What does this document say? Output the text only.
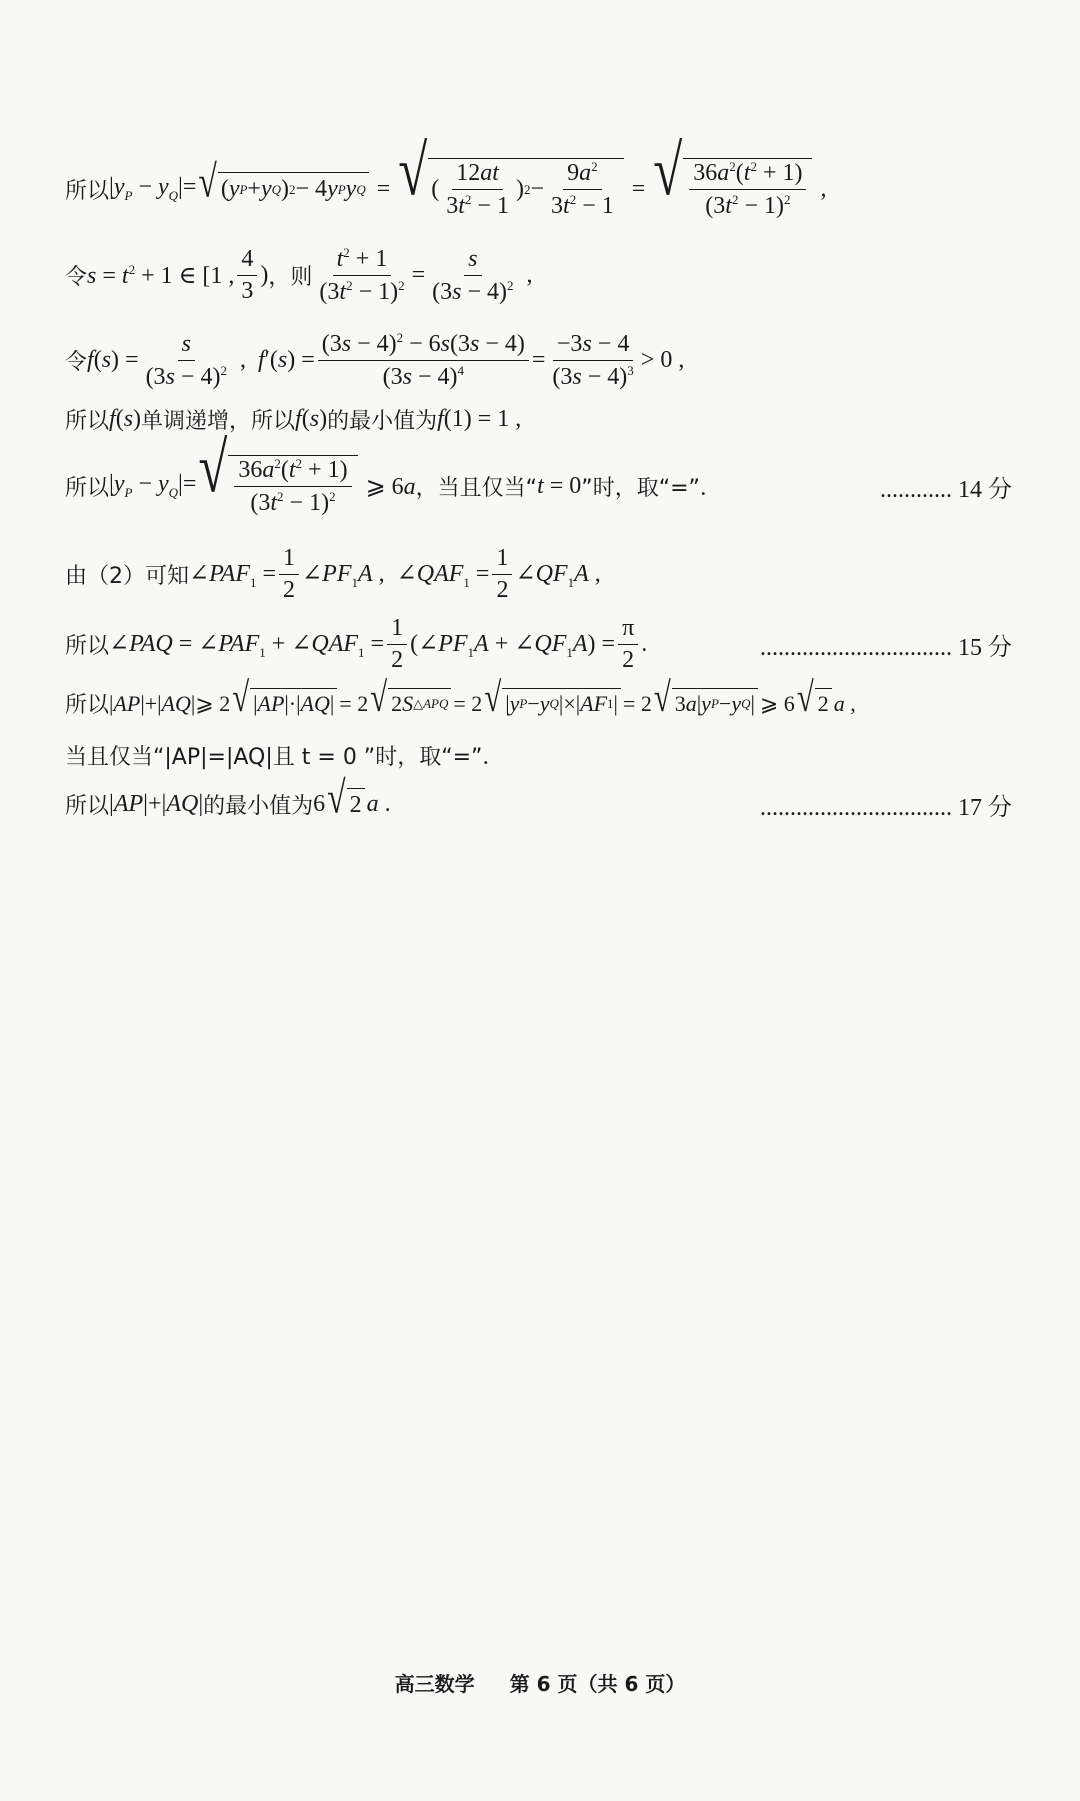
所以 $|y_P - y_Q|=$ √ ( y P + y Q ) 2 − 4 y P y Q = √ ( $\frac{12at}{3t^2 - 1}$ ) $2 - \frac{9a^2}{3t^2 - 1}$ = √ $\frac{36a^2(t^2 + 1)}{(3t^2 - 1)^2}$ ,
令 $s = t^2 + 1$ ∈ [1 , $\frac{4}{3}$ ) ，则 $\frac{t^2 + 1}{(3t^2 - 1)^2} = \frac{s}{(3s - 4)^2}$ ,
令 $f(s) = \frac{s}{(3s - 4)^2}$ ,  $f'(s) = \frac{(3s - 4)^2 - 6s(3s - 4)}{(3s - 4)^4} = \frac{-3s - 4}{(3s - 4)^3} > 0$ ,
所以 f(s) 单调递增，所以 f(s) 的最小值为 f(1) = 1 ,
所以 $|y_P - y_Q|=$ √ $\frac{36a^2(t^2 + 1)}{(3t^2 - 1)^2}$ ⩾ 6a ，当且仅当“ t = 0 ”时，取“=”．	............ 14 分
由（2）可知 $\angle PAF_1 = \frac{1}{2}$ $\angle PF_1A$ ,  $\angle QAF_1 = \frac{1}{2}$ $\angle QF_1A$ ,
所以 ∠PAQ = $\angle PAF_1$ + $\angle QAF_1 = \frac{1}{2}$ ($\angle PF_1A$ + $\angle QF_1A) = \frac{\pi}{2}$ .	................................ 15 分
所以 |AP|+|AQ|⩾ 2 √ | AP |·| AQ | = 2 √ 2 S △APQ = 2 √ | y P − y Q |×| AF 1 | = 2 √ 3 a | y P − y Q | ⩾ 6 √ 2 a ,
当且仅当“|AP|=|AQ|且 t = 0 ”时，取“=”．
所以 |AP|+|AQ| 的最小值为 6 √ 2 a .	................................ 17 分
高三数学 第 6 页（共 6 页）
